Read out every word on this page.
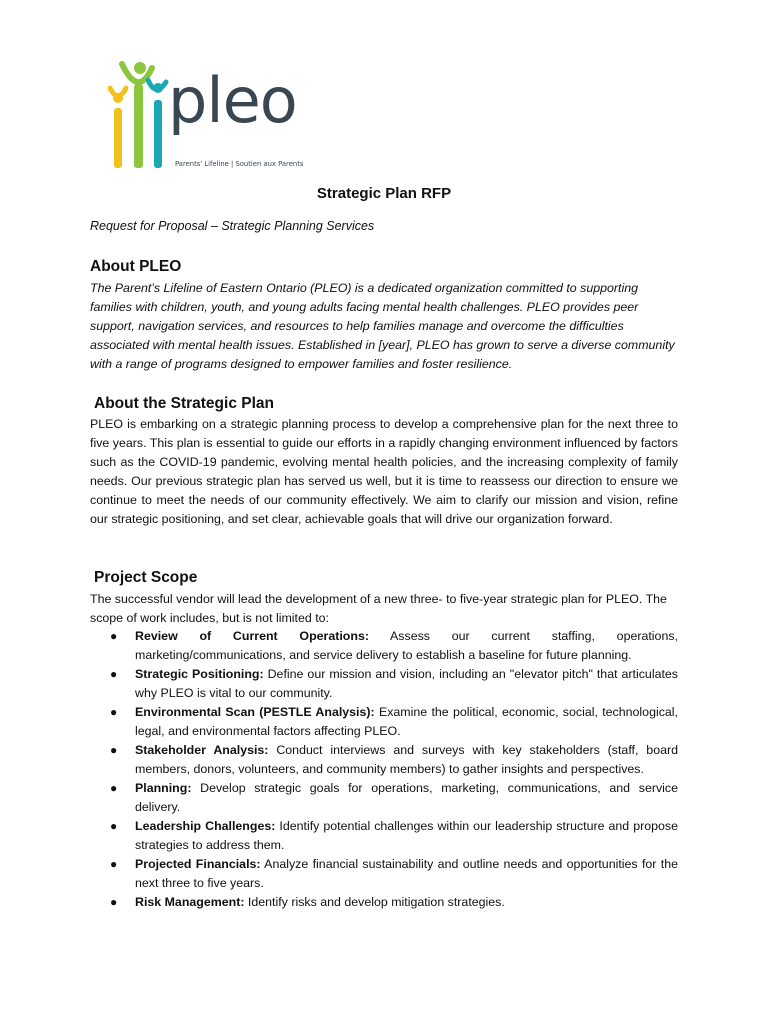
pleo
Parents' Lifeline | Soutien aux Parents
Strategic Plan RFP
Request for Proposal – Strategic Planning Services
About PLEO
The Parent’s Lifeline of Eastern Ontario (PLEO) is a dedicated organization committed to supporting families with children, youth, and young adults facing mental health challenges. PLEO provides peer support, navigation services, and resources to help families manage and overcome the difficulties associated with mental health issues. Established in [year], PLEO has grown to serve a diverse community with a range of programs designed to empower families and foster resilience.
About the Strategic Plan
PLEO is embarking on a strategic planning process to develop a comprehensive plan for the next three to five years. This plan is essential to guide our efforts in a rapidly changing environment influenced by factors such as the COVID-19 pandemic, evolving mental health policies, and the increasing complexity of family needs. Our previous strategic plan has served us well, but it is time to reassess our direction to ensure we continue to meet the needs of our community effectively. We aim to clarify our mission and vision, refine our strategic positioning, and set clear, achievable goals that will drive our organization forward.
Project Scope
The successful vendor will lead the development of a new three- to five-year strategic plan for PLEO. The scope of work includes, but is not limited to:
● Review of Current Operations: Assess our current staffing, operations, marketing/communications, and service delivery to establish a baseline for future planning.
● Strategic Positioning: Define our mission and vision, including an "elevator pitch" that articulates why PLEO is vital to our community.
● Environmental Scan (PESTLE Analysis): Examine the political, economic, social, technological, legal, and environmental factors affecting PLEO.
● Stakeholder Analysis: Conduct interviews and surveys with key stakeholders (staff, board members, donors, volunteers, and community members) to gather insights and perspectives.
● Planning: Develop strategic goals for operations, marketing, communications, and service delivery.
● Leadership Challenges: Identify potential challenges within our leadership structure and propose strategies to address them.
● Projected Financials: Analyze financial sustainability and outline needs and opportunities for the next three to five years.
● Risk Management: Identify risks and develop mitigation strategies.
